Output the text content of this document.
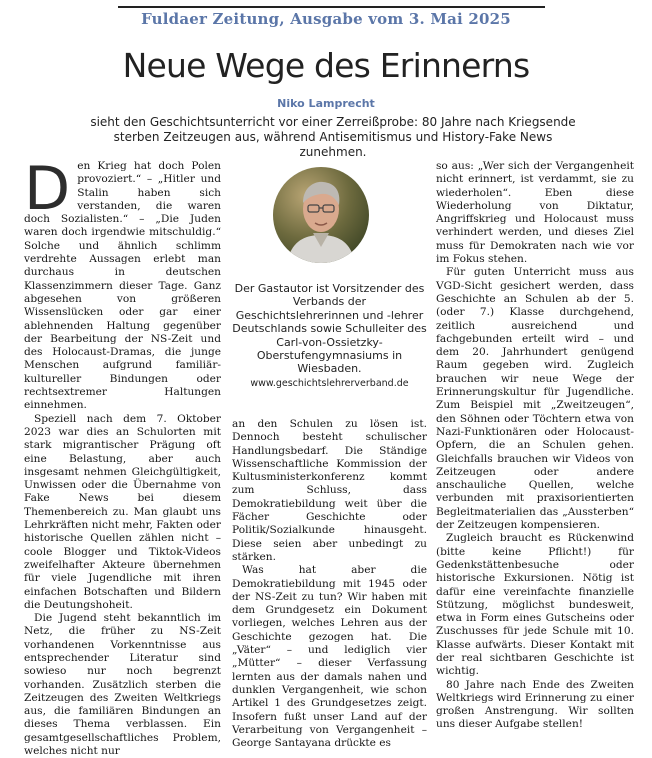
Fuldaer Zeitung, Ausgabe vom 3. Mai 2025
Neue Wege des Erinnerns
Niko Lamprecht
sieht den Geschichtsunterricht vor einer Zerreißprobe: 80 Jahre nach Kriegsende sterben Zeitzeugen aus, während Antisemitismus und History-Fake News zunehmen.
D en Krieg hat doch Polen provoziert.“ – „Hitler und Stalin haben sich verstanden, die waren doch Sozialisten.“ – „Die Juden waren doch irgendwie mitschuldig.“ Solche und ähnlich schlimm verdrehte Aussagen erlebt man durchaus in deutschen Klassenzimmern dieser Tage. Ganz abgesehen von größeren Wissenslücken oder gar einer ablehnenden Haltung gegenüber der Bearbeitung der NS-Zeit und des Holocaust-Dramas, die junge Menschen aufgrund familiär-kultureller Bindungen oder rechtsextremer Haltungen einnehmen.

Speziell nach dem 7. Oktober 2023 war dies an Schulorten mit stark migrantischer Prägung oft eine Belastung, aber auch insgesamt nehmen Gleichgültigkeit, Unwissen oder die Übernahme von Fake News bei diesem Themenbereich zu. Man glaubt uns Lehrkräften nicht mehr, Fakten oder historische Quellen zählen nicht – coole Blogger und Tiktok-Videos zweifelhafter Akteure übernehmen für viele Jugendliche mit ihren einfachen Botschaften und Bildern die Deutungshoheit.

Die Jugend steht bekanntlich im Netz, die früher zu NS-Zeit vorhandenen Vorkenntnisse aus entsprechender Literatur sind sowieso nur noch begrenzt vorhanden. Zusätzlich sterben die Zeitzeugen des Zweiten Weltkriegs aus, die familiären Bindungen an dieses Thema verblassen. Ein gesamtgesellschaftliches Problem, welches nicht nur

Der Gastautor ist Vorsitzender des Verbands der Geschichtslehrerinnen und -lehrer Deutschlands sowie Schulleiter des Carl-von-Ossietzky-Oberstufengymnasiums in Wiesbaden.
www.geschichtslehrerverband.de

an den Schulen zu lösen ist. Dennoch besteht schulischer Handlungsbedarf. Die Ständige Wissenschaftliche Kommission der Kultusministerkonferenz kommt zum Schluss, dass Demokratiebildung weit über die Fächer Geschichte oder Politik/Sozialkunde hinausgeht. Diese seien aber unbedingt zu stärken.

Was hat aber die Demokratiebildung mit 1945 oder der NS-Zeit zu tun? Wir haben mit dem Grundgesetz ein Dokument vorliegen, welches Lehren aus der Geschichte gezogen hat. Die „Väter“ – und lediglich vier „Mütter“ – dieser Verfassung lernten aus der damals nahen und dunklen Vergangenheit, wie schon Artikel 1 des Grundgesetzes zeigt. Insofern fußt unser Land auf der Verarbeitung von Vergangenheit – George Santayana drückte es

so aus: „Wer sich der Vergangenheit nicht erinnert, ist verdammt, sie zu wiederholen“. Eben diese Wiederholung von Diktatur, Angriffskrieg und Holocaust muss verhindert werden, und dieses Ziel muss für Demokraten nach wie vor im Fokus stehen.

Für guten Unterricht muss aus VGD-Sicht gesichert werden, dass Geschichte an Schulen ab der 5. (oder 7.) Klasse durchgehend, zeitlich ausreichend und fachgebunden erteilt wird – und dem 20. Jahrhundert genügend Raum gegeben wird. Zugleich brauchen wir neue Wege der Erinnerungskultur für Jugendliche. Zum Beispiel mit „Zweitzeugen“, den Söhnen oder Töchtern etwa von Nazi-Funktionären oder Holocaust-Opfern, die an Schulen gehen. Gleichfalls brauchen wir Videos von Zeitzeugen oder andere anschauliche Quellen, welche verbunden mit praxisorientierten Begleitmaterialien das „Aussterben“ der Zeitzeugen kompensieren.

Zugleich braucht es Rückenwind (bitte keine Pflicht!) für Gedenkstättenbesuche oder historische Exkursionen. Nötig ist dafür eine vereinfachte finanzielle Stützung, möglichst bundesweit, etwa in Form eines Gutscheins oder Zuschusses für jede Schule mit 10. Klasse aufwärts. Dieser Kontakt mit der real sichtbaren Geschichte ist wichtig.

80 Jahre nach Ende des Zweiten Weltkriegs wird Erinnerung zu einer großen Anstrengung. Wir sollten uns dieser Aufgabe stellen!
